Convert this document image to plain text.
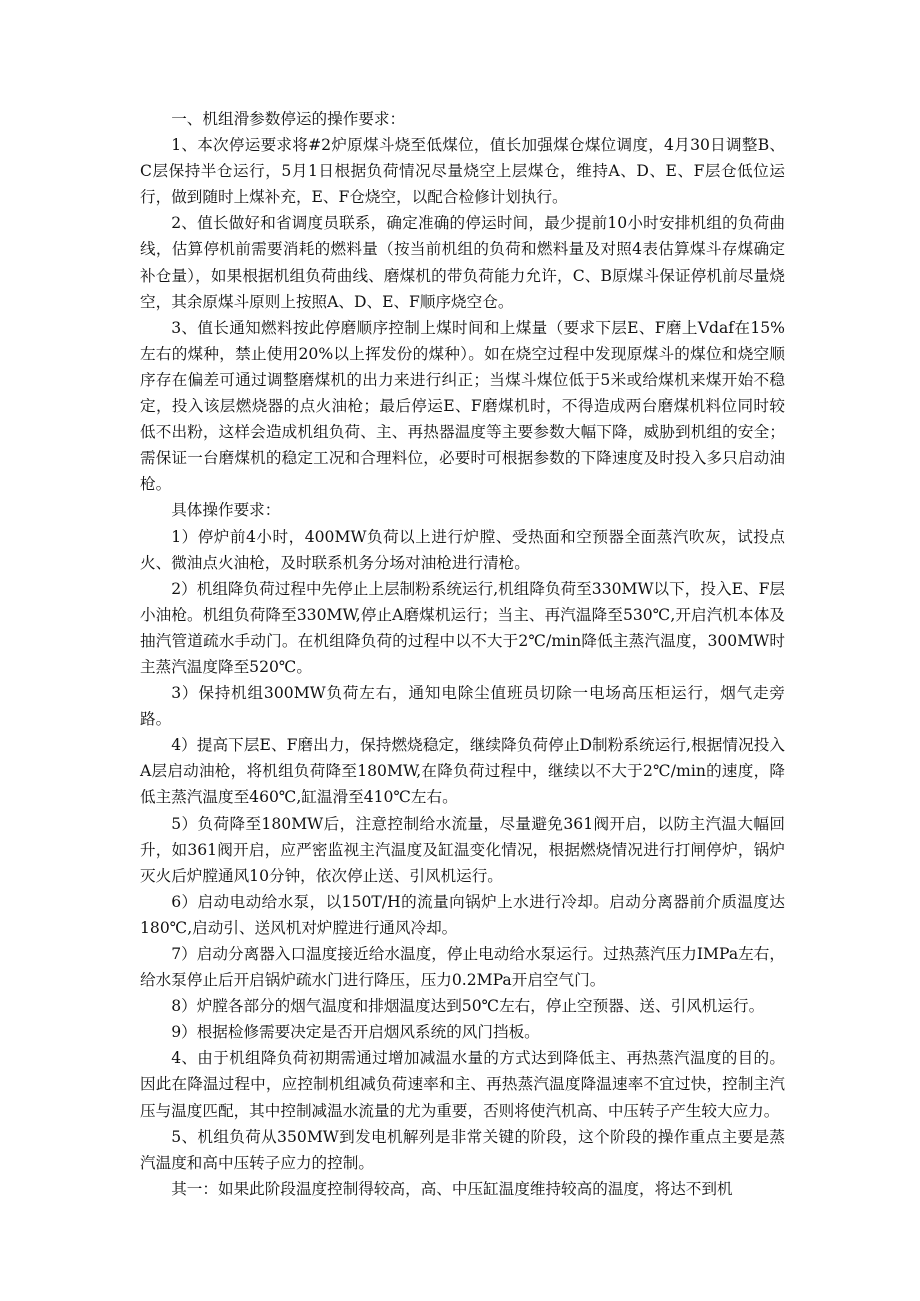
一、机组滑参数停运的操作要求：

1、本次停运要求将#2炉原煤斗烧至低煤位，值长加强煤仓煤位调度，4月30日调整B、C层保持半仓运行，5月1日根据负荷情况尽量烧空上层煤仓，维持A、D、E、F层仓低位运行，做到随时上煤补充，E、F仓烧空，以配合检修计划执行。

2、值长做好和省调度员联系，确定准确的停运时间，最少提前10小时安排机组的负荷曲线，估算停机前需要消耗的燃料量（按当前机组的负荷和燃料量及对照4表估算煤斗存煤确定补仓量），如果根据机组负荷曲线、磨煤机的带负荷能力允许，C、B原煤斗保证停机前尽量烧空，其余原煤斗原则上按照A、D、E、F顺序烧空仓。

3、值长通知燃料按此停磨顺序控制上煤时间和上煤量（要求下层E、F磨上Vdaf在15%左右的煤种，禁止使用20%以上挥发份的煤种）。如在烧空过程中发现原煤斗的煤位和烧空顺序存在偏差可通过调整磨煤机的出力来进行纠正；当煤斗煤位低于5米或给煤机来煤开始不稳定，投入该层燃烧器的点火油枪；最后停运E、F磨煤机时，不得造成两台磨煤机料位同时较低不出粉，这样会造成机组负荷、主、再热器温度等主要参数大幅下降，威胁到机组的安全；需保证一台磨煤机的稳定工况和合理料位，必要时可根据参数的下降速度及时投入多只启动油枪。

具体操作要求：

1）停炉前4小时，400MW负荷以上进行炉膛、受热面和空预器全面蒸汽吹灰，试投点火、微油点火油枪，及时联系机务分场对油枪进行清枪。

2）机组降负荷过程中先停止上层制粉系统运行,机组降负荷至330MW以下，投入E、F层小油枪。机组负荷降至330MW,停止A磨煤机运行；当主、再汽温降至530℃,开启汽机本体及抽汽管道疏水手动门。在机组降负荷的过程中以不大于2℃/min降低主蒸汽温度，300MW时主蒸汽温度降至520℃。

3）保持机组300MW负荷左右，通知电除尘值班员切除一电场高压柜运行，烟气走旁路。

4）提高下层E、F磨出力，保持燃烧稳定，继续降负荷停止D制粉系统运行,根据情况投入A层启动油枪，将机组负荷降至180MW,在降负荷过程中，继续以不大于2℃/min的速度，降低主蒸汽温度至460℃,缸温滑至410℃左右。

5）负荷降至180MW后，注意控制给水流量，尽量避免361阀开启，以防主汽温大幅回升，如361阀开启，应严密监视主汽温度及缸温变化情况，根据燃烧情况进行打闸停炉，锅炉灭火后炉膛通风10分钟，依次停止送、引风机运行。

6）启动电动给水泵，以150T/H的流量向锅炉上水进行冷却。启动分离器前介质温度达180℃,启动引、送风机对炉膛进行通风冷却。

7）启动分离器入口温度接近给水温度，停止电动给水泵运行。过热蒸汽压力IMPa左右，给水泵停止后开启锅炉疏水门进行降压，压力0.2MPa开启空气门。

8）炉膛各部分的烟气温度和排烟温度达到50℃左右，停止空预器、送、引风机运行。

9）根据检修需要决定是否开启烟风系统的风门挡板。

4、由于机组降负荷初期需通过增加减温水量的方式达到降低主、再热蒸汽温度的目的。因此在降温过程中，应控制机组减负荷速率和主、再热蒸汽温度降温速率不宜过快，控制主汽压与温度匹配，其中控制减温水流量的尤为重要，否则将使汽机高、中压转子产生较大应力。

5、机组负荷从350MW到发电机解列是非常关键的阶段，这个阶段的操作重点主要是蒸汽温度和高中压转子应力的控制。

其一：如果此阶段温度控制得较高，高、中压缸温度维持较高的温度，将达不到机
